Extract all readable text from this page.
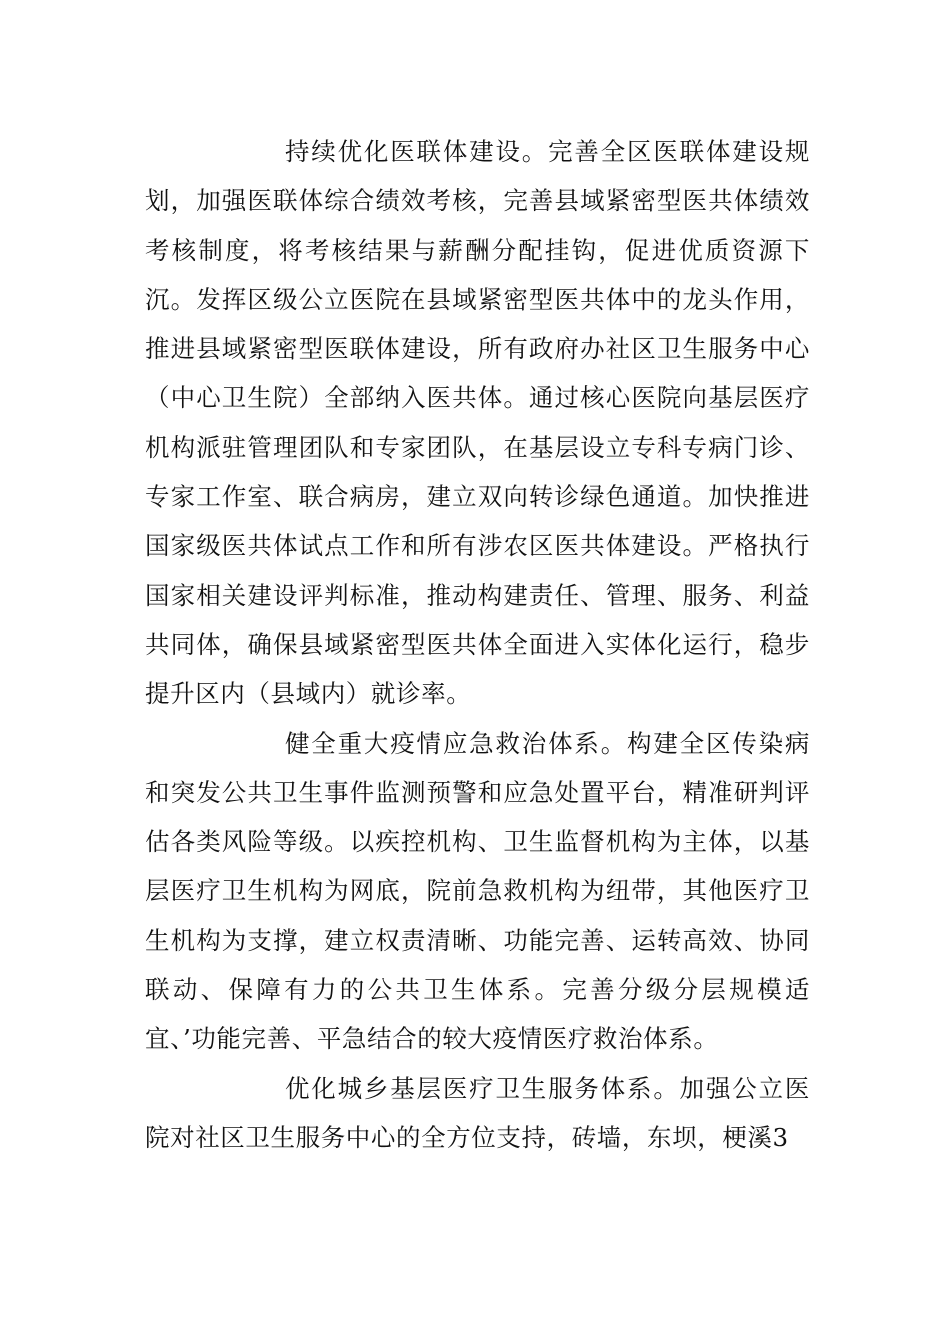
持续优化医联体建设。完善全区医联体建设规划，加强医联体综合绩效考核，完善县域紧密型医共体绩效考核制度，将考核结果与薪酬分配挂钩，促进优质资源下沉。发挥区级公立医院在县域紧密型医共体中的龙头作用，推进县域紧密型医联体建设，所有政府办社区卫生服务中心（中心卫生院）全部纳入医共体。通过核心医院向基层医疗机构派驻管理团队和专家团队，在基层设立专科专病门诊、专家工作室、联合病房，建立双向转诊绿色通道。加快推进国家级医共体试点工作和所有涉农区医共体建设。严格执行国家相关建设评判标准，推动构建责任、管理、服务、利益共同体，确保县域紧密型医共体全面进入实体化运行，稳步提升区内（县域内）就诊率。

健全重大疫情应急救治体系。构建全区传染病和突发公共卫生事件监测预警和应急处置平台，精准研判评估各类风险等级。以疾控机构、卫生监督机构为主体，以基层医疗卫生机构为网底，院前急救机构为纽带，其他医疗卫生机构为支撑，建立权责清晰、功能完善、运转高效、协同联动、保障有力的公共卫生体系。完善分级分层规模适宜、’功能完善、平急结合的较大疫情医疗救治体系。

优化城乡基层医疗卫生服务体系。加强公立医院对社区卫生服务中心的全方位支持，砖墙，东坝，梗溪3
